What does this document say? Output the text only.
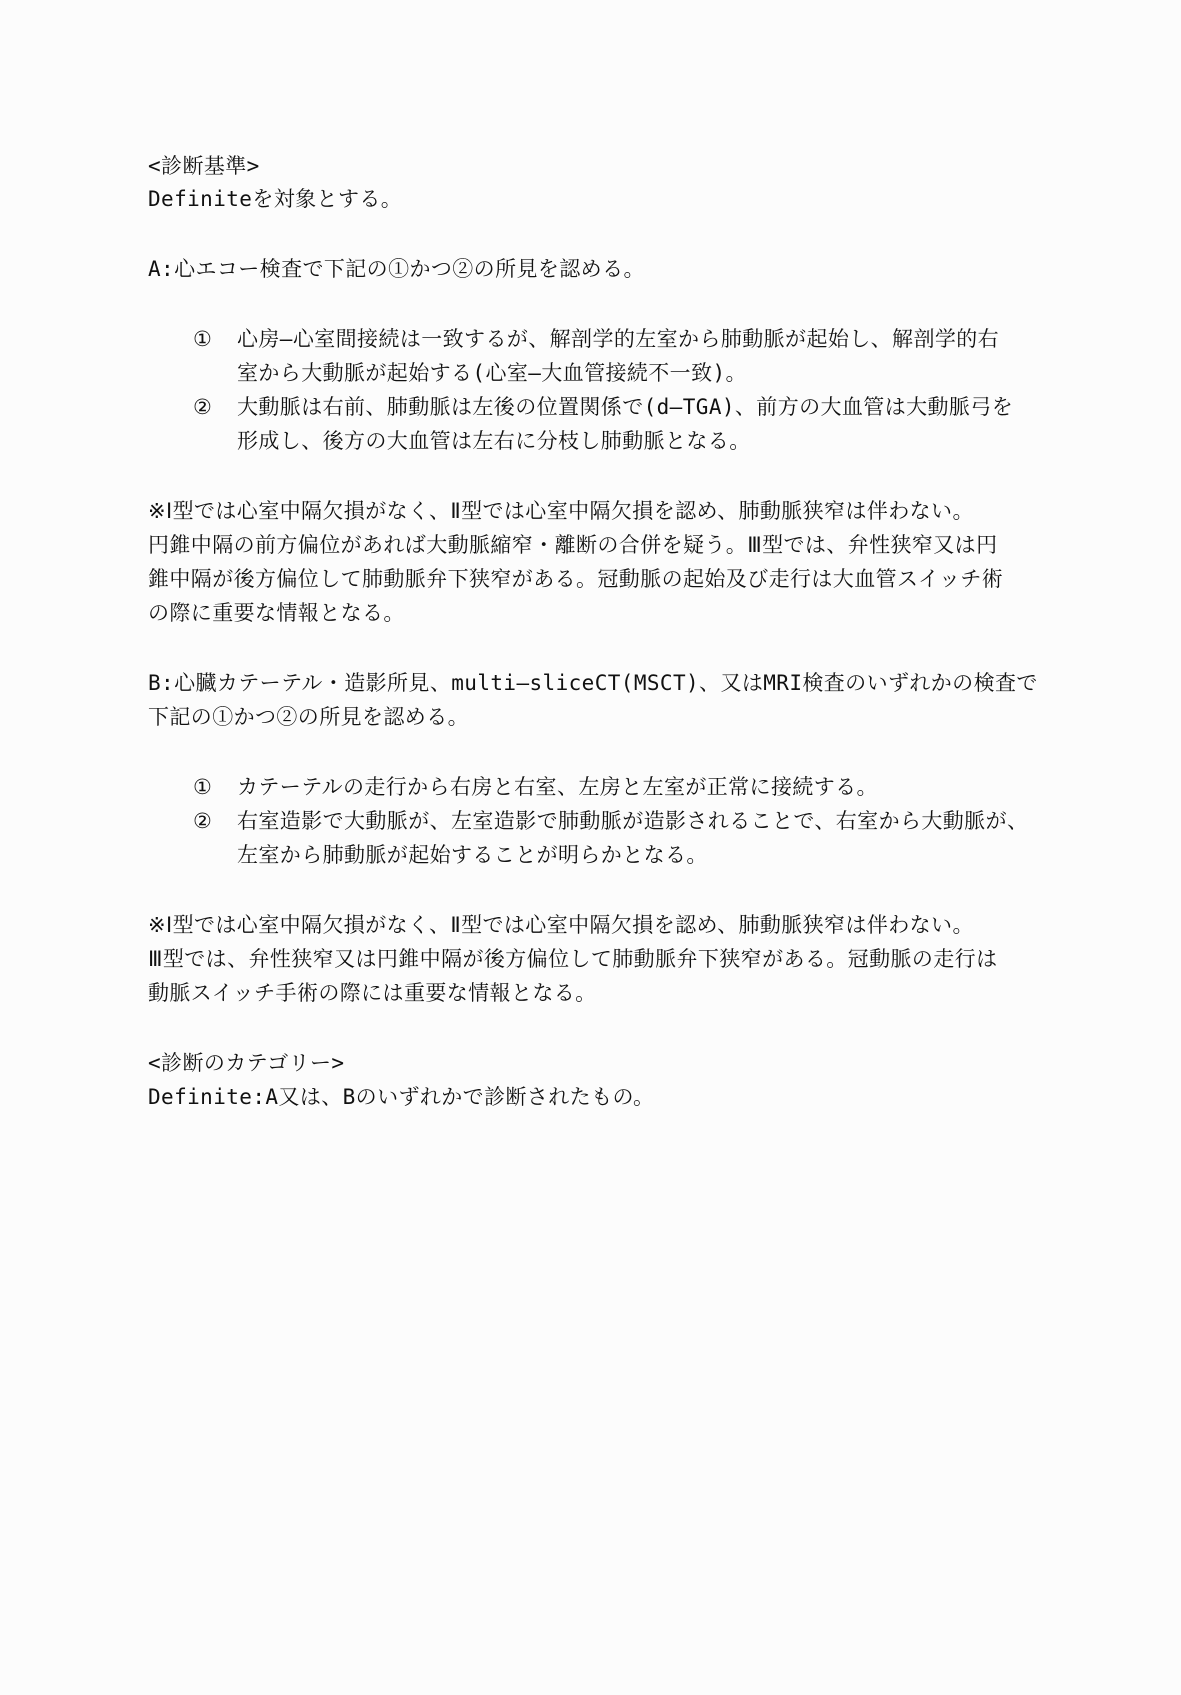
<診断基準>
Definiteを対象とする。
A:心エコー検査で下記の①かつ②の所見を認める。
① 心房—心室間接続は一致するが、解剖学的左室から肺動脈が起始し、解剖学的右
室から大動脈が起始する(心室—大血管接続不一致)。
② 大動脈は右前、肺動脈は左後の位置関係で(d—TGA)、前方の大血管は大動脈弓を
形成し、後方の大血管は左右に分枝し肺動脈となる。
※Ⅰ型では心室中隔欠損がなく、Ⅱ型では心室中隔欠損を認め、肺動脈狭窄は伴わない。
円錐中隔の前方偏位があれば大動脈縮窄・離断の合併を疑う。Ⅲ型では、弁性狭窄又は円
錐中隔が後方偏位して肺動脈弁下狭窄がある。冠動脈の起始及び走行は大血管スイッチ術
の際に重要な情報となる。
B:心臓カテーテル・造影所見、multi—sliceCT(MSCT)、又はMRI検査のいずれかの検査で
下記の①かつ②の所見を認める。
① カテーテルの走行から右房と右室、左房と左室が正常に接続する。
② 右室造影で大動脈が、左室造影で肺動脈が造影されることで、右室から大動脈が、
左室から肺動脈が起始することが明らかとなる。
※Ⅰ型では心室中隔欠損がなく、Ⅱ型では心室中隔欠損を認め、肺動脈狭窄は伴わない。
Ⅲ型では、弁性狭窄又は円錐中隔が後方偏位して肺動脈弁下狭窄がある。冠動脈の走行は
動脈スイッチ手術の際には重要な情報となる。
<診断のカテゴリー>
Definite:A又は、Bのいずれかで診断されたもの。
